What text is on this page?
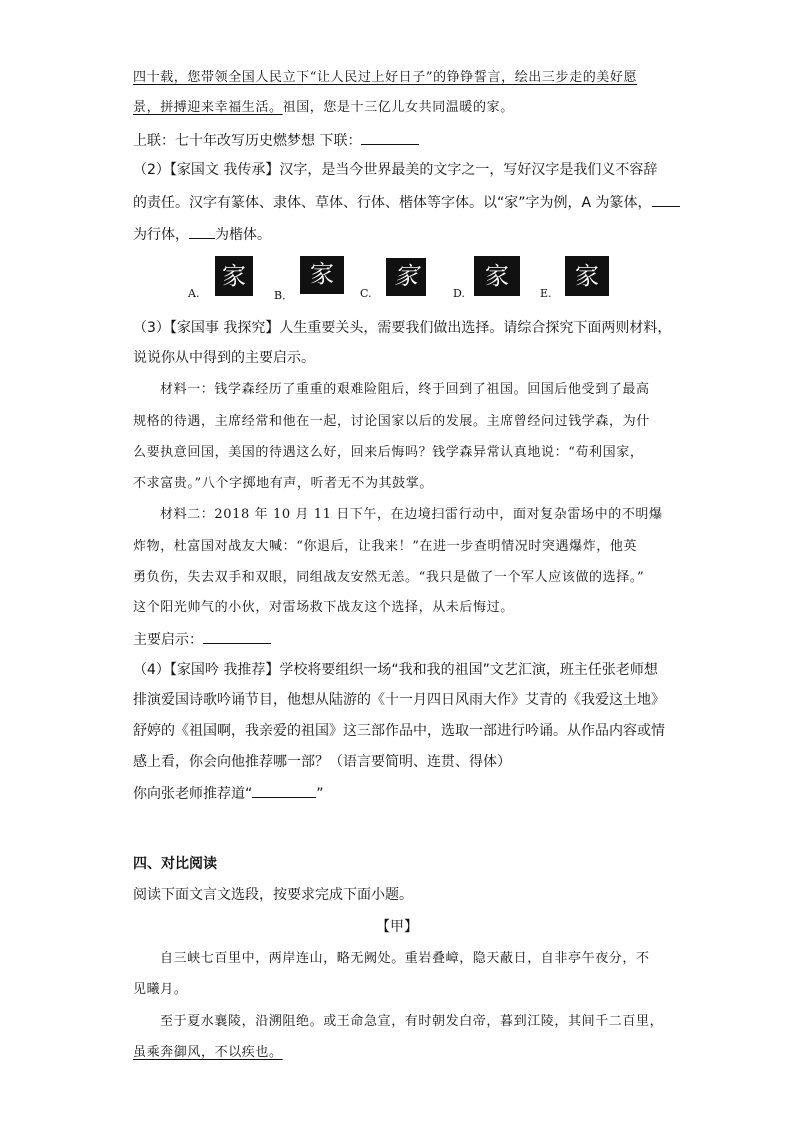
四十载，您带领全国人民立下“让人民过上好日子”的铮铮誓言，绘出三步走的美好愿
景，拼搏迎来幸福生活。祖国，您是十三亿儿女共同温暖的家。
上联：七十年改写历史燃梦想 下联：
（2）【家国文 我传承】汉字，是当今世界最美的文字之一，写好汉字是我们义不容辞
的责任。汉字有篆体、隶体、草体、行体、楷体等字体。以“家”字为例，A 为篆体，
为行体， 为楷体。
A.
家
B．
家
C.
家
D.
家
E.
家
（3）【家国事 我探究】人生重要关头，需要我们做出选择。请综合探究下面两则材料，
说说你从中得到的主要启示。
材料一：钱学森经历了重重的艰难险阻后，终于回到了祖国。回国后他受到了最高
规格的待遇，主席经常和他在一起，讨论国家以后的发展。主席曾经问过钱学森，为什
么要执意回国，美国的待遇这么好，回来后悔吗？钱学森异常认真地说：“苟利国家，
不求富贵。”八个字掷地有声，听者无不为其鼓掌。
材料二：2018 年 10 月 11 日下午，在边境扫雷行动中，面对复杂雷场中的不明爆
炸物，杜富国对战友大喊：“你退后，让我来！”在进一步查明情况时突遇爆炸，他英
勇负伤，失去双手和双眼，同组战友安然无恙。“我只是做了一个军人应该做的选择。”
这个阳光帅气的小伙，对雷场救下战友这个选择，从未后悔过。
主要启示：
（4）【家国吟 我推荐】学校将要组织一场“我和我的祖国”文艺汇演，班主任张老师想
排演爱国诗歌吟诵节目，他想从陆游的《十一月四日风雨大作》艾青的《我爱这土地》
舒婷的《祖国啊，我亲爱的祖国》这三部作品中，选取一部进行吟诵。从作品内容或情
感上看，你会向他推荐哪一部？（语言要简明、连贯、得体）
你向张老师推荐道“	”
四、对比阅读
阅读下面文言文选段，按要求完成下面小题。
【甲】
自三峡七百里中，两岸连山，略无阙处。重岩叠嶂，隐天蔽日，自非亭午夜分，不
见曦月。
至于夏水襄陵，沿溯阻绝。或王命急宣，有时朝发白帝，暮到江陵，其间千二百里，
虽乘奔御风，不以疾也。
